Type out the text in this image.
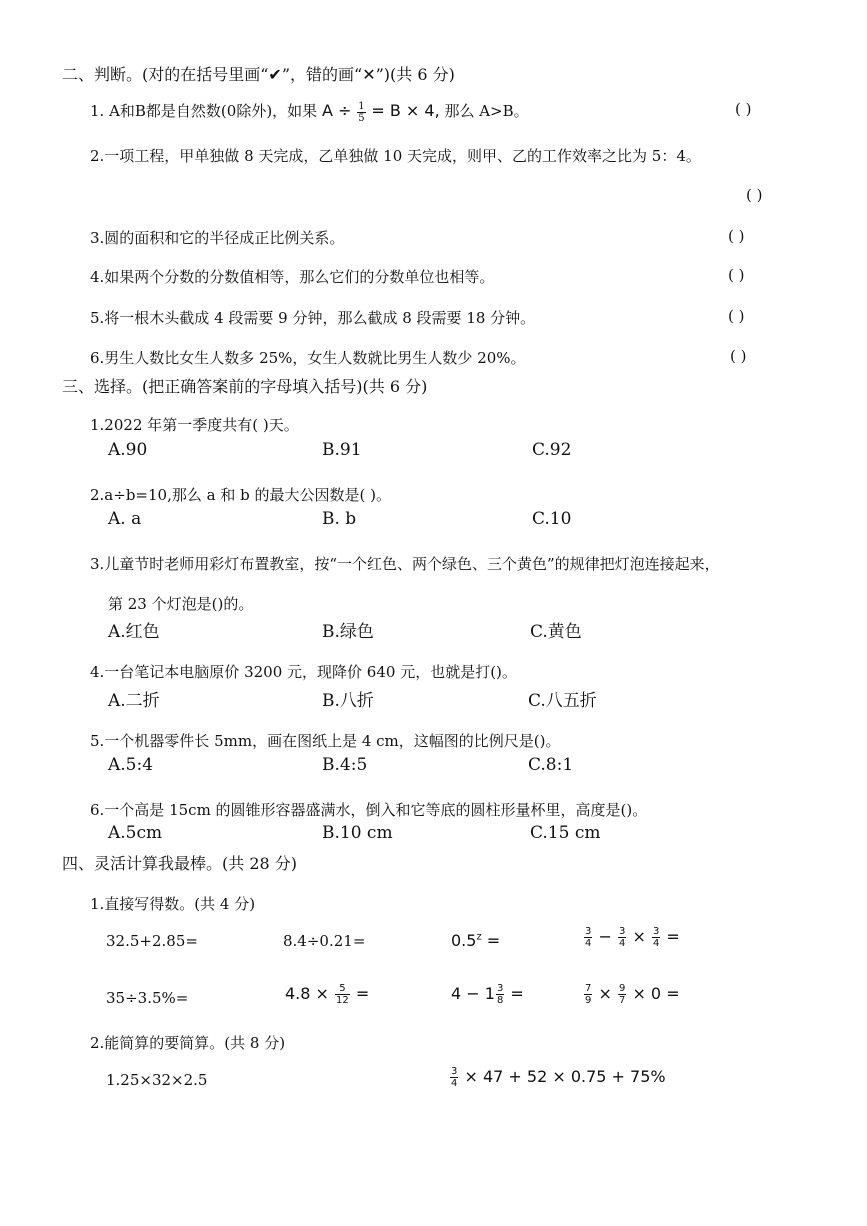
二、判断。(对的在括号里画“✔”，错的画“✕”)(共 6 分)
1. A和B都是自然数(0除外)，如果 $A \div \frac{1}{5} = B \times 4$, 那么 A>B。	( )
2.一项工程，甲单独做 8 天完成，乙单独做 10 天完成，则甲、乙的工作效率之比为 5：4。
( )
3.圆的面积和它的半径成正比例关系。	( )
4.如果两个分数的分数值相等，那么它们的分数单位也相等。	( )
5.将一根木头截成 4 段需要 9 分钟，那么截成 8 段需要 18 分钟。	( )
6.男生人数比女生人数多 25%，女生人数就比男生人数少 20%。	( )
三、选择。(把正确答案前的字母填入括号)(共 6 分)
1.2022 年第一季度共有( )天。
A.90	B.91	C.92
2.a÷b=10,那么 a 和 b 的最大公因数是( )。
A. a	B. b	C.10
3.儿童节时老师用彩灯布置教室，按“一个红色、两个绿色、三个黄色”的规律把灯泡连接起来，
第 23 个灯泡是()的。
A.红色	B.绿色	C.黄色
4.一台笔记本电脑原价 3200 元，现降价 640 元，也就是打()。
A.二折	B.八折	C.八五折
5.一个机器零件长 5mm，画在图纸上是 4 cm，这幅图的比例尺是()。
A.5:4	B.4:5	C.8:1
6.一个高是 15cm 的圆锥形容器盛满水，倒入和它等底的圆柱形量杯里，高度是()。
A.5cm	B.10 cm	C.15 cm
四、灵活计算我最棒。(共 28 分)
1.直接写得数。(共 4 分)
32.5+2.85=	8.4÷0.21=	$0.5^z$ =	$\frac{3}{4} - \frac{3}{4} \times \frac{3}{4}$ =
35÷3.5%=	$4.8 \times \frac{5}{12}$ =	$4 - 1 \frac{3}{8}$ =	$\frac{7}{9} \times \frac{9}{7} \times 0$ =
2.能简算的要简算。(共 8 分)
1.25×32×2.5	$\frac{3}{4} \times 47 + 52 \times 0.75 + 75\%$
